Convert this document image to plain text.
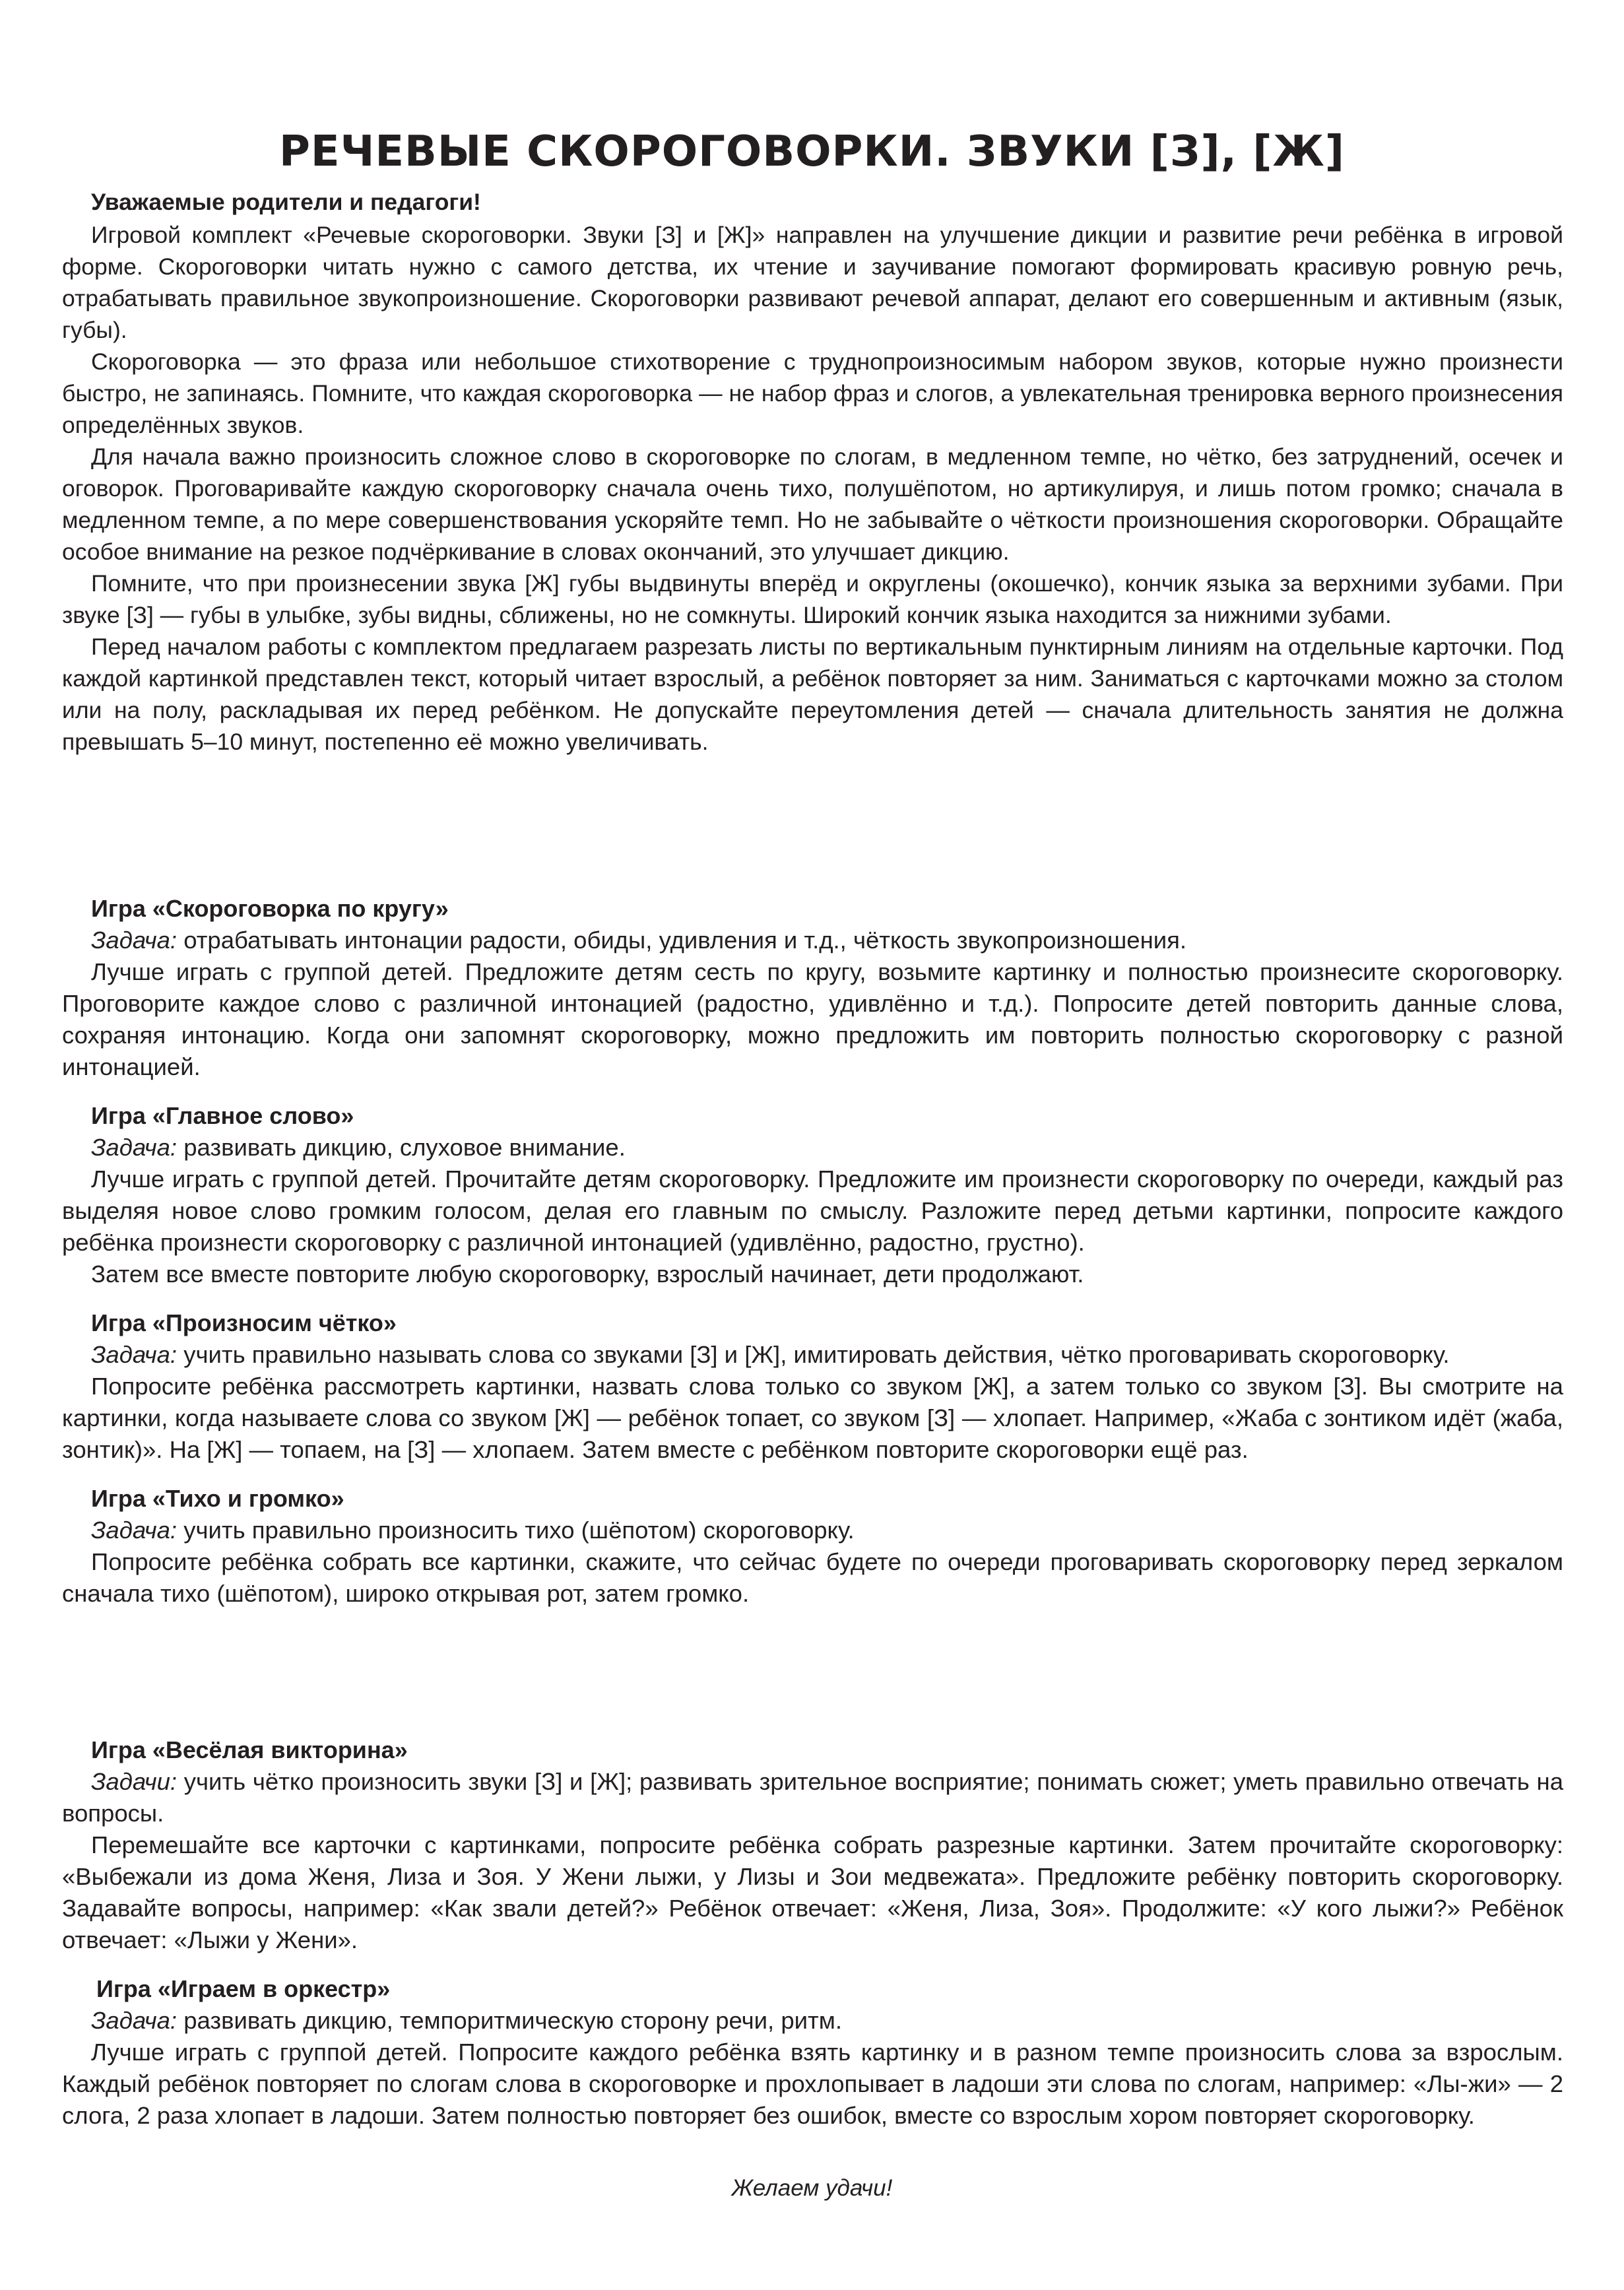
РЕЧЕВЫЕ СКОРОГОВОРКИ. ЗВУКИ [З], [Ж]

Уважаемые родители и педагоги!

Игровой комплект «Речевые скороговорки. Звуки [З] и [Ж]» направлен на улучшение дикции и развитие речи ребёнка в игровой форме. Скороговорки читать нужно с самого детства, их чтение и заучивание помогают формировать красивую ровную речь, отрабатывать правильное звукопроизношение. Скороговорки развивают речевой аппарат, делают его совершенным и активным (язык, губы).

Скороговорка — это фраза или небольшое стихотворение с труднопроизносимым набором звуков, которые нужно произнести быстро, не запинаясь. Помните, что каждая скороговорка — не набор фраз и слогов, а увлекательная тренировка верного произнесения определённых звуков.

Для начала важно произносить сложное слово в скороговорке по слогам, в медленном темпе, но чётко, без затруднений, осечек и оговорок. Проговаривайте каждую скороговорку сначала очень тихо, полушёпотом, но артикулируя, и лишь потом громко; сначала в медленном темпе, а по мере совершенствования ускоряйте темп. Но не забывайте о чёткости произношения скороговорки. Обращайте особое внимание на резкое подчёркивание в словах окончаний, это улучшает дикцию.

Помните, что при произнесении звука [Ж] губы выдвинуты вперёд и округлены (окошечко), кончик языка за верхними зубами. При звуке [З] — губы в улыбке, зубы видны, сближены, но не сомкнуты. Широкий кончик языка находится за нижними зубами.

Перед началом работы с комплектом предлагаем разрезать листы по вертикальным пунктирным линиям на отдельные карточки. Под каждой картинкой представлен текст, который читает взрослый, а ребёнок повторяет за ним. Заниматься с карточками можно за столом или на полу, раскладывая их перед ребёнком. Не допускайте переутомления детей — сначала длительность занятия не должна превышать 5–10 минут, постепенно её можно увеличивать.

Игра «Скороговорка по кругу»

Задача: отрабатывать интонации радости, обиды, удивления и т.д., чёткость звукопроизношения.

Лучше играть с группой детей. Предложите детям сесть по кругу, возьмите картинку и полностью произнесите скороговорку. Проговорите каждое слово с различной интонацией (радостно, удивлённо и т.д.). Попросите детей повторить данные слова, сохраняя интонацию. Когда они запомнят скороговорку, можно предложить им повторить полностью скороговорку с разной интонацией.

Игра «Главное слово»

Задача: развивать дикцию, слуховое внимание.

Лучше играть с группой детей. Прочитайте детям скороговорку. Предложите им произнести скороговорку по очереди, каждый раз выделяя новое слово громким голосом, делая его главным по смыслу. Разложите перед детьми картинки, попросите каждого ребёнка произнести скороговорку с различной интонацией (удивлённо, радостно, грустно).

Затем все вместе повторите любую скороговорку, взрослый начинает, дети продолжают.

Игра «Произносим чётко»

Задача: учить правильно называть слова со звуками [З] и [Ж], имитировать действия, чётко проговаривать скороговорку.

Попросите ребёнка рассмотреть картинки, назвать слова только со звуком [Ж], а затем только со звуком [З]. Вы смотрите на картинки, когда называете слова со звуком [Ж] — ребёнок топает, со звуком [З] — хлопает. Например, «Жаба с зонтиком идёт (жаба, зонтик)». На [Ж] — топаем, на [З] — хлопаем. Затем вместе с ребёнком повторите скороговорки ещё раз.

Игра «Тихо и громко»

Задача: учить правильно произносить тихо (шёпотом) скороговорку.

Попросите ребёнка собрать все картинки, скажите, что сейчас будете по очереди проговаривать скороговорку перед зеркалом сначала тихо (шёпотом), широко открывая рот, затем громко.

Игра «Весёлая викторина»

Задачи: учить чётко произносить звуки [З] и [Ж]; развивать зрительное восприятие; понимать сюжет; уметь правильно отвечать на вопросы.

Перемешайте все карточки с картинками, попросите ребёнка собрать разрезные картинки. Затем прочитайте скороговорку: «Выбежали из дома Женя, Лиза и Зоя. У Жени лыжи, у Лизы и Зои медвежата». Предложите ребёнку повторить скороговорку. Задавайте вопросы, например: «Как звали детей?» Ребёнок отвечает: «Женя, Лиза, Зоя». Продолжите: «У кого лыжи?» Ребёнок отвечает: «Лыжи у Жени».

Игра «Играем в оркестр»

Задача: развивать дикцию, темпоритмическую сторону речи, ритм.

Лучше играть с группой детей. Попросите каждого ребёнка взять картинку и в разном темпе произносить слова за взрослым. Каждый ребёнок повторяет по слогам слова в скороговорке и прохлопывает в ладоши эти слова по слогам, например: «Лы-жи» — 2 слога, 2 раза хлопает в ладоши. Затем полностью повторяет без ошибок, вместе со взрослым хором повторяет скороговорку.

Желаем удачи!
